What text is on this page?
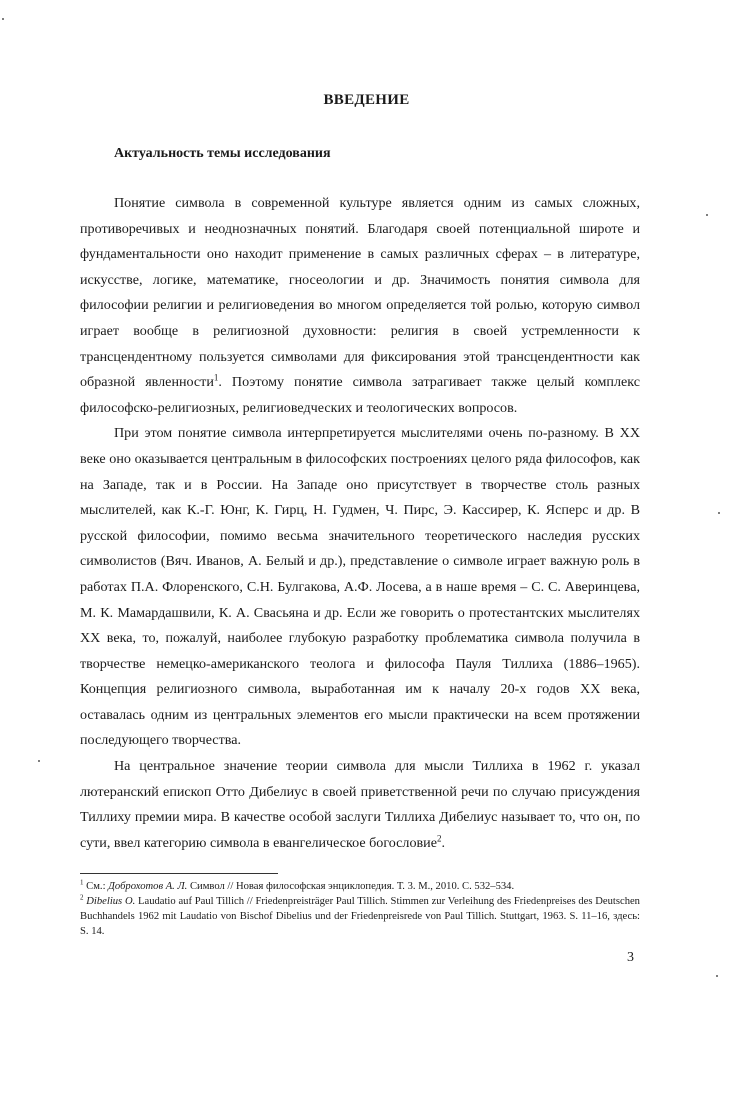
ВВЕДЕНИЕ
Актуальность темы исследования

Понятие символа в современной культуре является одним из самых сложных, противоречивых и неоднозначных понятий. Благодаря своей потенциальной широте и фундаментальности оно находит применение в самых различных сферах – в литературе, искусстве, логике, математике, гносеологии и др. Значимость понятия символа для философии религии и религиоведения во многом определяется той ролью, которую символ играет вообще в религиозной духовности: религия в своей устремленности к трансцендентному пользуется символами для фиксирования этой трансцендентности как образной явленности$^1$. Поэтому понятие символа затрагивает также целый комплекс философско-религиозных, религиоведческих и теологических вопросов.

При этом понятие символа интерпретируется мыслителями очень по-разному. В XX веке оно оказывается центральным в философских построениях целого ряда философов, как на Западе, так и в России. На Западе оно присутствует в творчестве столь разных мыслителей, как К.-Г. Юнг, К. Гирц, Н. Гудмен, Ч. Пирс, Э. Кассирер, К. Ясперс и др. В русской философии, помимо весьма значительного теоретического наследия русских символистов (Вяч. Иванов, А. Белый и др.), представление о символе играет важную роль в работах П.А. Флоренского, С.Н. Булгакова, А.Ф. Лосева, а в наше время – С. С. Аверинцева, М. К. Мамардашвили, К. А. Свасьяна и др. Если же говорить о протестантских мыслителях XX века, то, пожалуй, наиболее глубокую разработку проблематика символа получила в творчестве немецко-американского теолога и философа Пауля Тиллиха (1886–1965). Концепция религиозного символа, выработанная им к началу 20-х годов XX века, оставалась одним из центральных элементов его мысли практически на всем протяжении последующего творчества.

На центральное значение теории символа для мысли Тиллиха в 1962 г. указал лютеранский епископ Отто Дибелиус в своей приветственной речи по случаю присуждения Тиллиху премии мира. В качестве особой заслуги Тиллиха Дибелиус называет то, что он, по сути, ввел категорию символа в евангелическое богословие$^2$.

$^1$ См.: Доброхотов А. Л. Символ // Новая философская энциклопедия. Т. 3. М., 2010. С. 532–534.

$^2$ Dibelius O. Laudatio auf Paul Tillich // Friedenpreisträger Paul Tillich. Stimmen zur Verleihung des Friedenpreises des Deutschen Buchhandels 1962 mit Laudatio von Bischof Dibelius und der Friedenpreisrede von Paul Tillich. Stuttgart, 1963. S. 11–16, здесь: S. 14.

3
